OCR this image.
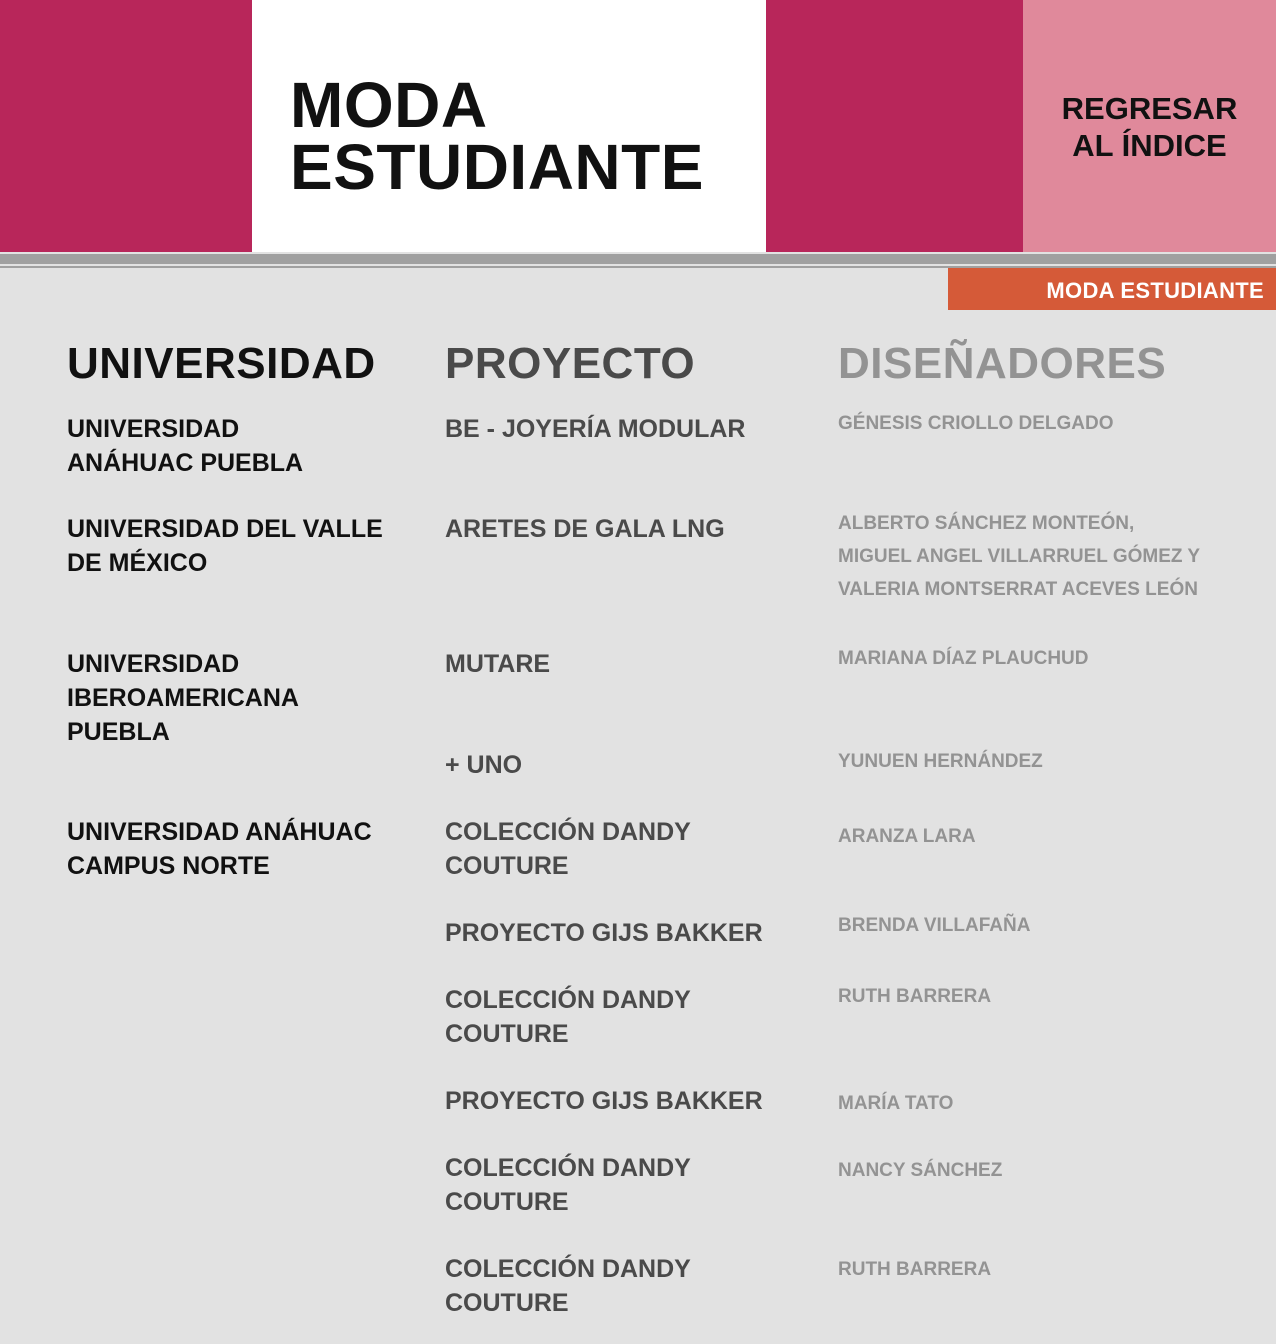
MODA
ESTUDIANTE
REGRESAR
AL ÍNDICE
MODA ESTUDIANTE
UNIVERSIDAD PROYECTO	DISEÑADORES
UNIVERSIDAD
ANÁHUAC PUEBLA
UNIVERSIDAD DEL VALLE
DE MÉXICO
UNIVERSIDAD
IBEROAMERICANA
PUEBLA
UNIVERSIDAD ANÁHUAC
CAMPUS NORTE
BE - JOYERÍA MODULAR
ARETES DE GALA LNG
MUTARE
+ UNO
COLECCIÓN DANDY
COUTURE
PROYECTO GIJS BAKKER
COLECCIÓN DANDY
COUTURE
PROYECTO GIJS BAKKER
COLECCIÓN DANDY
COUTURE
COLECCIÓN DANDY
COUTURE
GÉNESIS CRIOLLO DELGADO
ALBERTO SÁNCHEZ MONTEÓN,
MIGUEL ANGEL VILLARRUEL GÓMEZ Y
VALERIA MONTSERRAT ACEVES LEÓN
MARIANA DÍAZ PLAUCHUD
YUNUEN HERNÁNDEZ
ARANZA LARA
BRENDA VILLAFAÑA
RUTH BARRERA
MARÍA TATO
NANCY SÁNCHEZ
RUTH BARRERA
